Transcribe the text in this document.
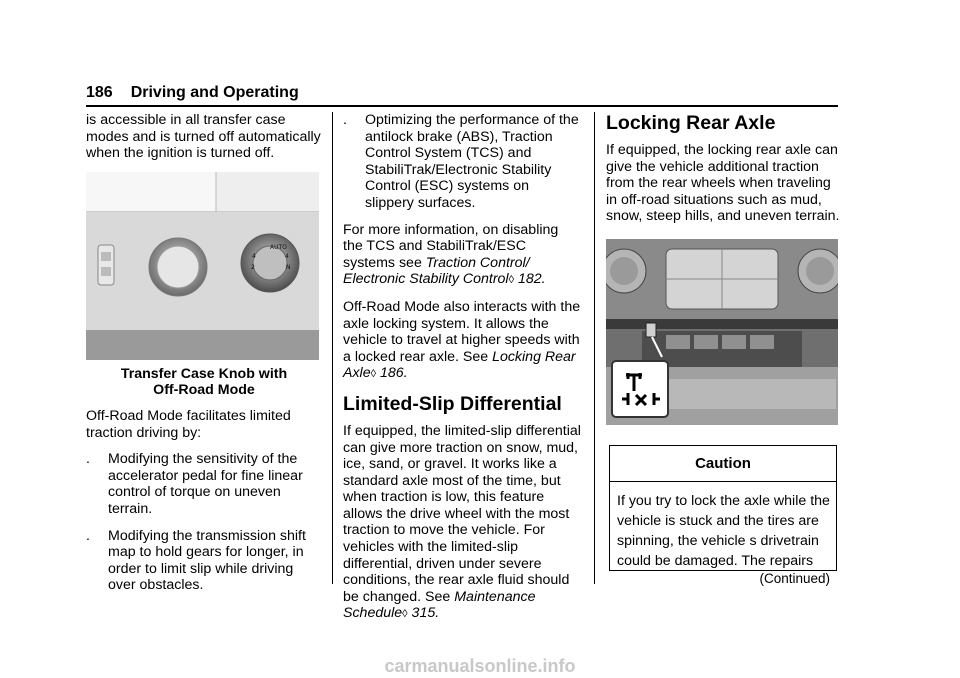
186 Driving and Operating

is accessible in all transfer case modes and is turned off automatically when the ignition is turned off.

4
AUTO
4
N
2
Transfer Case Knob with
Off-Road Mode

Off-Road Mode facilitates limited traction driving by:

. Modifying the sensitivity of the accelerator pedal for fine linear control of torque on uneven terrain.
. Modifying the transmission shift map to hold gears for longer, in order to limit slip while driving over obstacles.
. Optimizing the performance of the antilock brake (ABS), Traction Control System (TCS) and StabiliTrak/Electronic Stability Control (ESC) systems on slippery surfaces.

For more information, on disabling the TCS and StabiliTrak/ESC systems see Traction Control/ Electronic Stability Control◊ 182.

Off-Road Mode also interacts with the axle locking system. It allows the vehicle to travel at higher speeds with a locked rear axle. See Locking Rear Axle◊ 186.

Limited-Slip Differential

If equipped, the limited-slip differential can give more traction on snow, mud, ice, sand, or gravel. It works like a standard axle most of the time, but when traction is low, this feature allows the drive wheel with the most traction to move the vehicle. For vehicles with the limited-slip differential, driven under severe conditions, the rear axle fluid should be changed. See Maintenance Schedule◊ 315.

Locking Rear Axle

If equipped, the locking rear axle can give the vehicle additional traction from the rear wheels when traveling in off-road situations such as mud, snow, steep hills, and uneven terrain.

Caution
If you try to lock the axle while the vehicle is stuck and the tires are spinning, the vehicle s drivetrain could be damaged. The repairs
(Continued)
carmanualsonline.info
